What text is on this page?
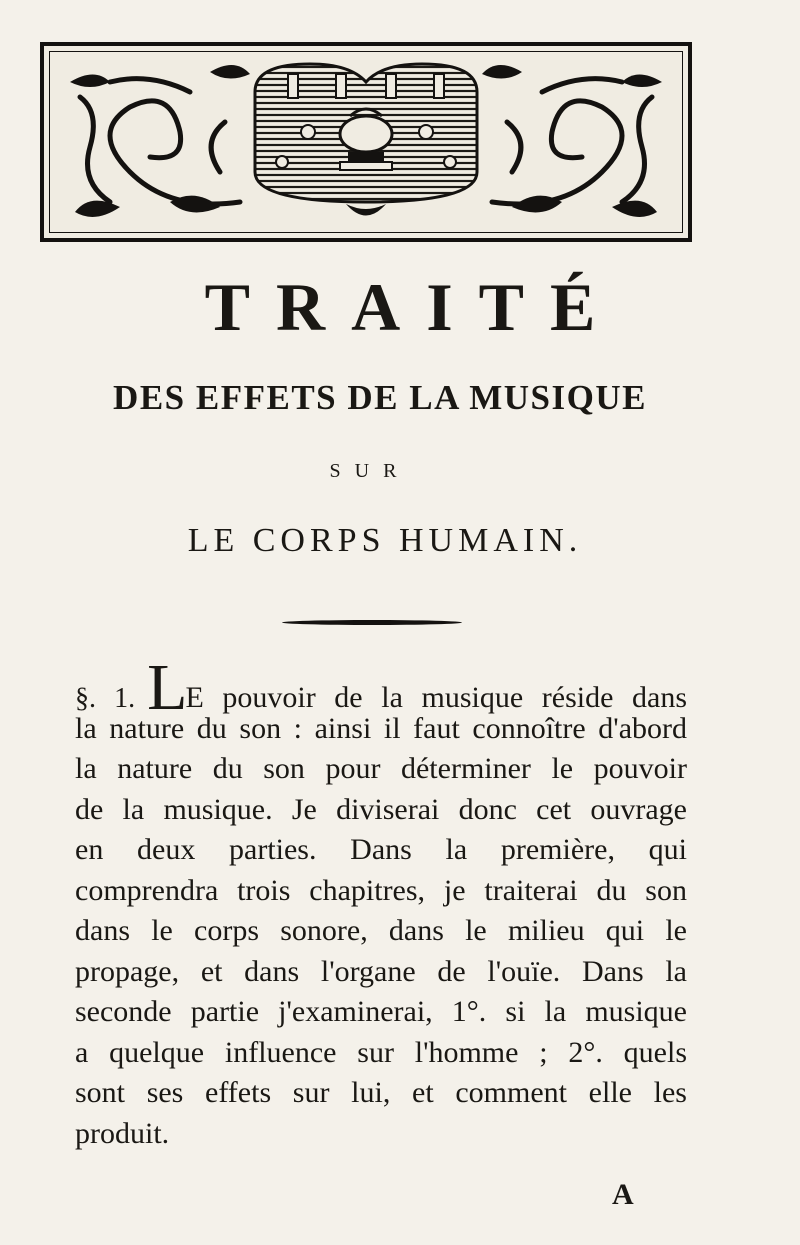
TRAITÉ
DES EFFETS DE LA MUSIQUE
SUR
LE CORPS HUMAIN.
§. 1. LE pouvoir de la musique réside dans
la nature du son : ainsi il faut connoître d'abord
la nature du son pour déterminer le pouvoir
de la musique. Je diviserai donc cet ouvrage
en deux parties. Dans la première, qui
comprendra trois chapitres, je traiterai du son
dans le corps sonore, dans le milieu qui le
propage, et dans l'organe de l'ouïe. Dans la
seconde partie j'examinerai, 1°. si la musique
a quelque influence sur l'homme ; 2°. quels
sont ses effets sur lui, et comment elle les
produit.
A
